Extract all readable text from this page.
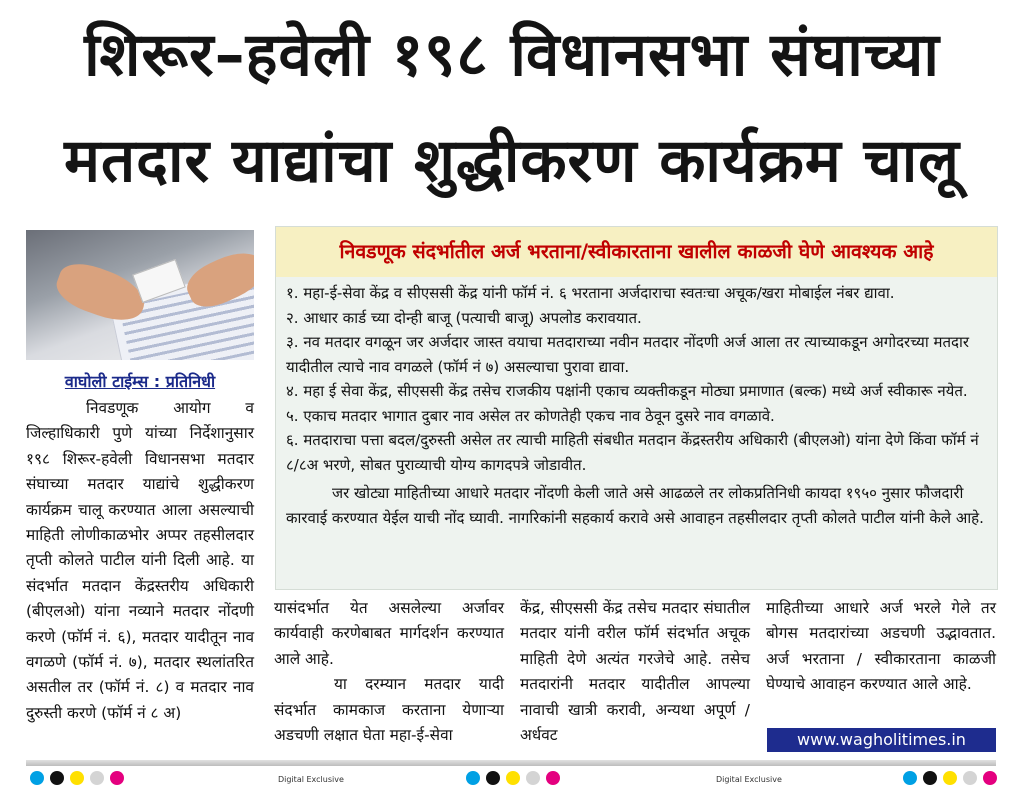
शिरूर–हवेली १९८ विधानसभा संघाच्या
मतदार याद्यांचा शुद्धीकरण कार्यक्रम चालू
वाघोली टाईम्स : प्रतिनिधी

निवडणूक आयोग व जिल्हाधिकारी पुणे यांच्या निर्देशानुसार १९८ शिरूर-हवेली विधानसभा मतदार संघाच्या मतदार याद्यांचे शुद्धीकरण कार्यक्रम चालू करण्यात आला असल्याची माहिती लोणीकाळभोर अप्पर तहसीलदार तृप्ती कोलते पाटील यांनी दिली आहे. या संदर्भात मतदान केंद्रस्तरीय अधिकारी (बीएलओ) यांना नव्याने मतदार नोंदणी करणे (फॉर्म नं. ६), मतदार यादीतून नाव वगळणे (फॉर्म नं. ७), मतदार स्थलांतरित असतील तर (फॉर्म नं. ८) व मतदार नाव दुरुस्ती करणे (फॉर्म नं ८ अ)

निवडणूक संदर्भातील अर्ज भरताना/स्वीकारताना खालील काळजी घेणे आवश्यक आहे
१. महा-ई-सेवा केंद्र व सीएससी केंद्र यांनी फॉर्म नं. ६ भरताना अर्जदाराचा स्वतःचा अचूक/खरा मोबाईल नंबर द्यावा.
२. आधार कार्ड च्या दोन्ही बाजू (पत्याची बाजू) अपलोड करावयात.
३. नव मतदार वगळून जर अर्जदार जास्त वयाचा मतदाराच्या नवीन मतदार नोंदणी अर्ज आला तर त्याच्याकडून अगोदरच्या मतदार यादीतील त्याचे नाव वगळले (फॉर्म नं ७) असल्याचा पुरावा द्यावा.
४. महा ई सेवा केंद्र, सीएससी केंद्र तसेच राजकीय पक्षांनी एकाच व्यक्तीकडून मोठ्या प्रमाणात (बल्क) मध्ये अर्ज स्वीकारू नयेत.
५. एकाच मतदार भागात दुबार नाव असेल तर कोणतेही एकच नाव ठेवून दुसरे नाव वगळावे.
६. मतदाराचा पत्ता बदल/दुरुस्ती असेल तर त्याची माहिती संबधीत मतदान केंद्रस्तरीय अधिकारी (बीएलओ) यांना देणे किंवा फॉर्म नं ८/८अ भरणे, सोबत पुराव्याची योग्य कागदपत्रे जोडावीत.
जर खोट्या माहितीच्या आधारे मतदार नोंदणी केली जाते असे आढळले तर लोकप्रतिनिधी कायदा १९५० नुसार फौजदारी कारवाई करण्यात येईल याची नोंद घ्यावी. नागरिकांनी सहकार्य करावे असे आवाहन तहसीलदार तृप्ती कोलते पाटील यांनी केले आहे.

यासंदर्भात येत असलेल्या अर्जावर कार्यवाही करणेबाबत मार्गदर्शन करण्यात आले आहे.

या दरम्यान मतदार यादी संदर्भात कामकाज करताना येणाऱ्या अडचणी लक्षात घेता महा-ई-सेवा

केंद्र, सीएससी केंद्र तसेच मतदार संघातील मतदार यांनी वरील फॉर्म संदर्भात अचूक माहिती देणे अत्यंत गरजेचे आहे. तसेच मतदारांनी मतदार यादीतील आपल्या नावाची खात्री करावी, अन्यथा अपूर्ण / अर्धवट

माहितीच्या आधारे अर्ज भरले गेले तर बोगस मतदारांच्या अडचणी उद्भावतात. अर्ज भरताना / स्वीकारताना काळजी घेण्याचे आवाहन करण्यात आले आहे.

www.wagholitimes.in
Digital Exclusive	Digital Exclusive
